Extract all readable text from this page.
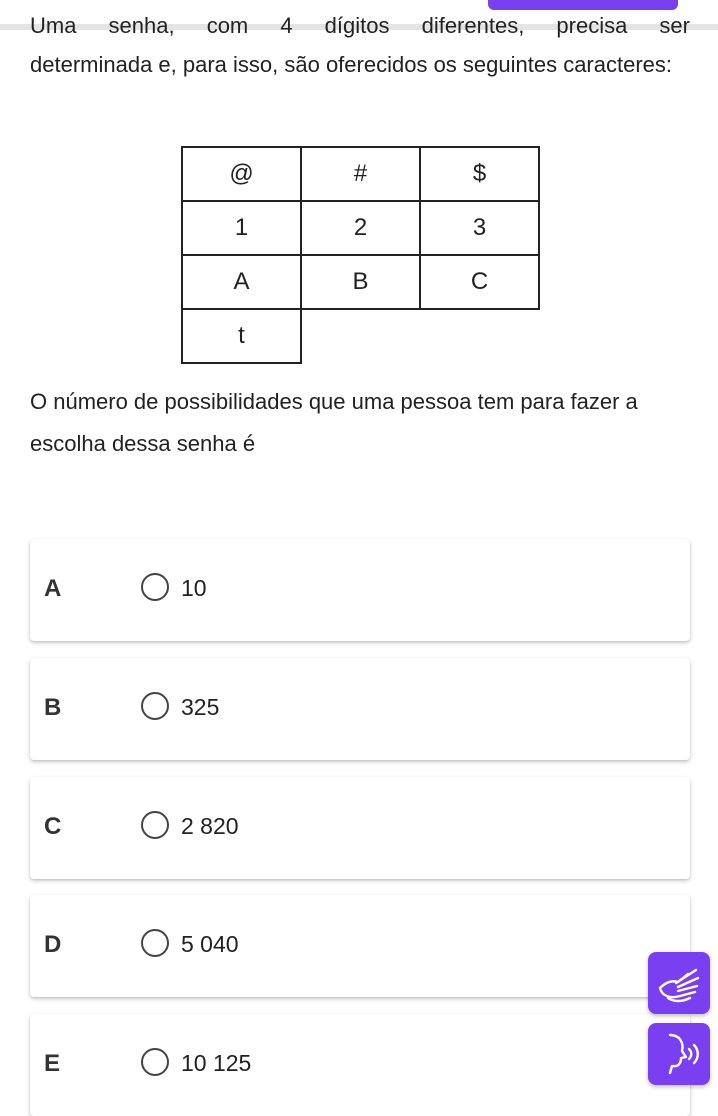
Uma senha, com 4 dígitos diferentes, precisa ser
determinada e, para isso, são oferecidos os seguintes caracteres:
@	#	$
1	2	3
A	B	C
t		
O número de possibilidades que uma pessoa tem para fazer a escolha dessa senha é
A	10
B	325
C	2 820
D	5 040
E	10 125
